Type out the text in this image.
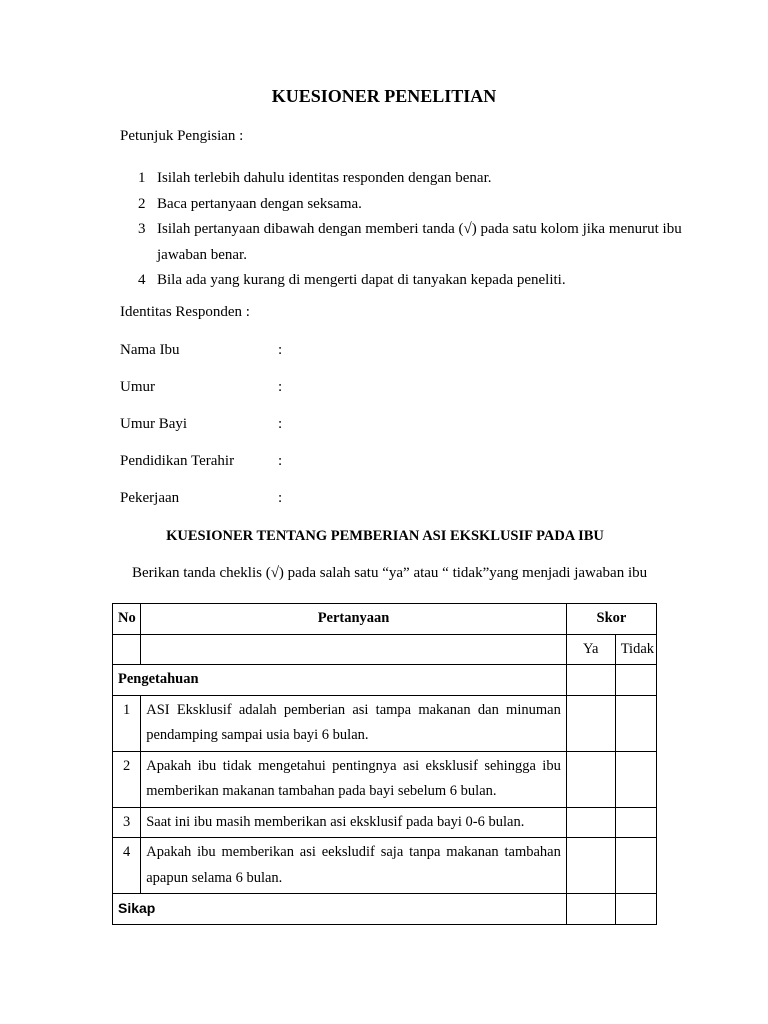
KUESIONER PENELITIAN
Petunjuk Pengisian :
1 Isilah terlebih dahulu identitas responden dengan benar.
2 Baca pertanyaan dengan seksama.
3 Isilah pertanyaan dibawah dengan memberi tanda (√) pada satu kolom jika menurut ibu jawaban benar.
4 Bila ada yang kurang di mengerti dapat di tanyakan kepada peneliti.
Identitas Responden :
Nama Ibu	:
Umur	:
Umur Bayi	:
Pendidikan Terahir	:
Pekerjaan	:
KUESIONER TENTANG PEMBERIAN ASI EKSKLUSIF PADA IBU
Berikan tanda cheklis (√) pada salah satu “ya” atau “ tidak”yang menjadi jawaban ibu
No	Pertanyaan	Skor	
		Ya	Tidak
Pengetahuan			
1	ASI Eksklusif adalah pemberian asi tampa makanan dan minuman pendamping sampai usia bayi 6 bulan.		
2	Apakah ibu tidak mengetahui pentingnya asi eksklusif sehingga ibu memberikan makanan tambahan pada bayi sebelum 6 bulan.		
3	Saat ini ibu masih memberikan asi eksklusif pada bayi 0-6 bulan.		
4	Apakah ibu memberikan asi eeksludif saja tanpa makanan tambahan apapun selama 6 bulan.		
Sikap			
